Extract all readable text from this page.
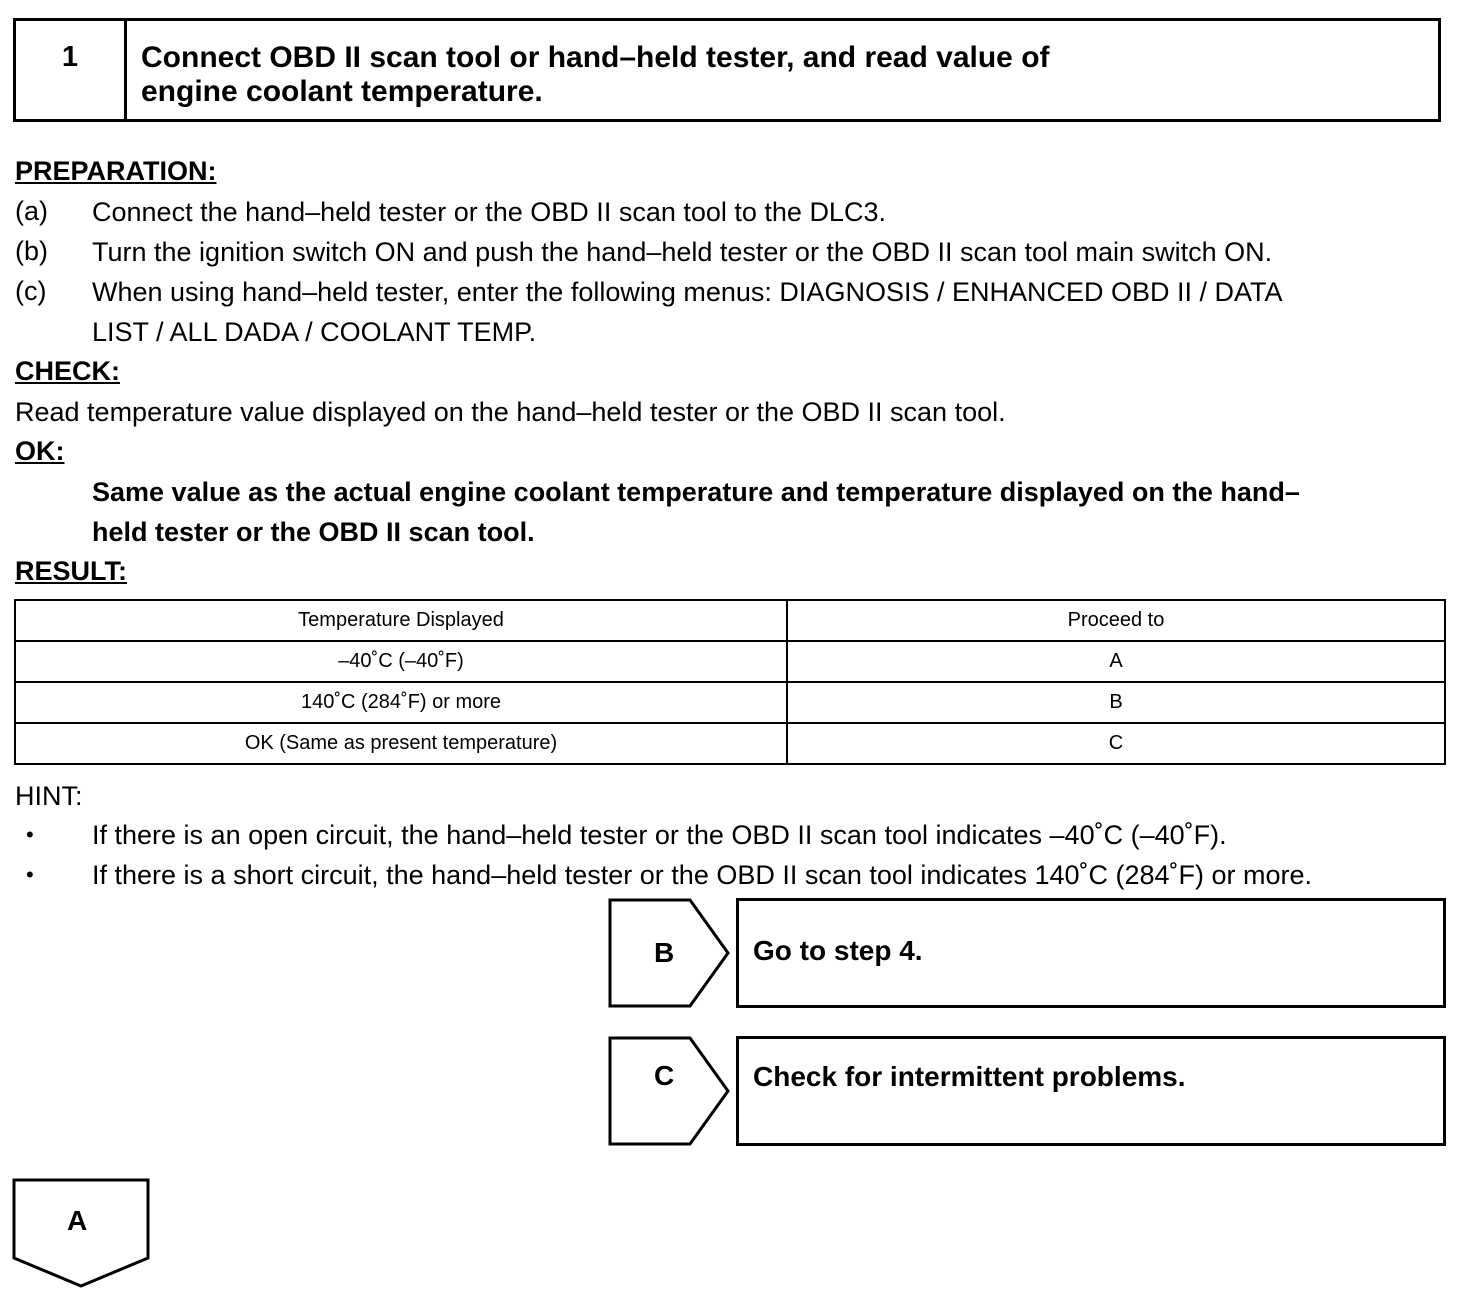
1	Connect OBD II scan tool or hand–held tester, and read value of
engine coolant temperature.
PREPARATION:
(a) Connect the hand–held tester or the OBD II scan tool to the DLC3.
(b) Turn the ignition switch ON and push the hand–held tester or the OBD II scan tool main switch ON.
(c) When using hand–held tester, enter the following menus: DIAGNOSIS / ENHANCED OBD II / DATA
LIST / ALL DADA / COOLANT TEMP.
CHECK:
Read temperature value displayed on the hand–held tester or the OBD II scan tool.
OK:
Same value as the actual engine coolant temperature and temperature displayed on the hand–
held tester or the OBD II scan tool.
RESULT:
Temperature Displayed	Proceed to
–40˚C (–40˚F)	A
140˚C (284˚F) or more	B
OK (Same as present temperature)	C
HINT:
• If there is an open circuit, the hand–held tester or the OBD II scan tool indicates –40˚C (–40˚F).
• If there is a short circuit, the hand–held tester or the OBD II scan tool indicates 140˚C (284˚F) or more.
B	Go to step 4.
C	Check for intermittent problems.
A
